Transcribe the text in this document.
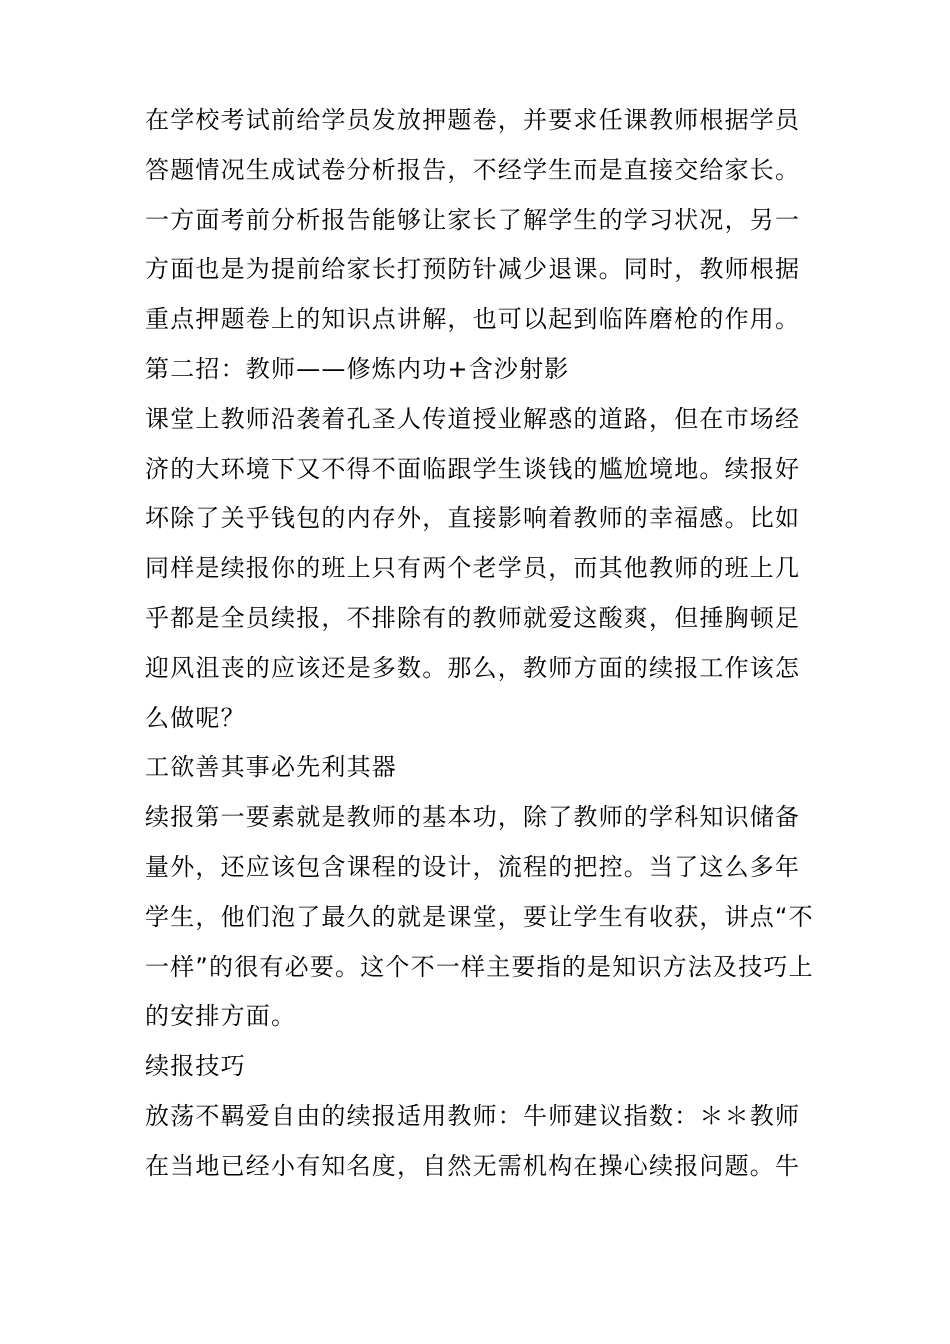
在学校考试前给学员发放押题卷，并要求任课教师根据学员
答题情况生成试卷分析报告，不经学生而是直接交给家长。
一方面考前分析报告能够让家长了解学生的学习状况，另一
方面也是为提前给家长打预防针减少退课。同时，教师根据
重点押题卷上的知识点讲解，也可以起到临阵磨枪的作用。
第二招：教师——修炼内功+含沙射影
课堂上教师沿袭着孔圣人传道授业解惑的道路，但在市场经
济的大环境下又不得不面临跟学生谈钱的尴尬境地。续报好
坏除了关乎钱包的内存外，直接影响着教师的幸福感。比如
同样是续报你的班上只有两个老学员，而其他教师的班上几
乎都是全员续报，不排除有的教师就爱这酸爽，但捶胸顿足
迎风沮丧的应该还是多数。那么，教师方面的续报工作该怎
么做呢？
工欲善其事必先利其器
续报第一要素就是教师的基本功，除了教师的学科知识储备
量外，还应该包含课程的设计，流程的把控。当了这么多年
学生，他们泡了最久的就是课堂，要让学生有收获，讲点“不
一样”的很有必要。这个不一样主要指的是知识方法及技巧上
的安排方面。
续报技巧
放荡不羁爱自由的续报适用教师：牛师建议指数：＊＊教师
在当地已经小有知名度，自然无需机构在操心续报问题。牛
